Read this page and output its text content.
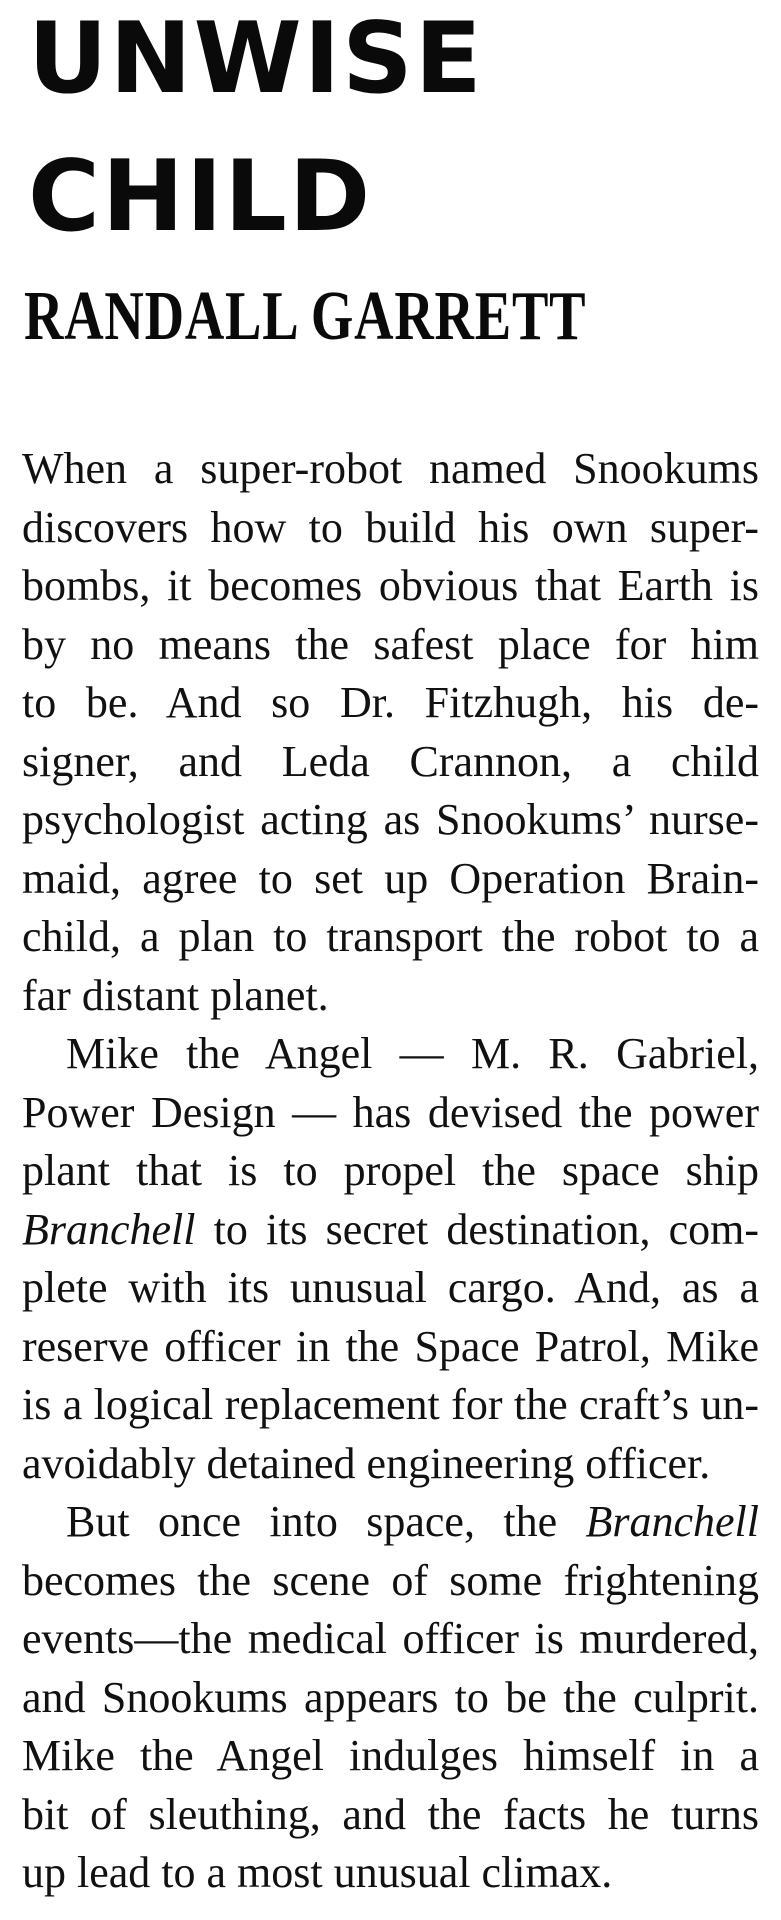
UNWISE
CHILD
RANDALL GARRETT
When a super-robot named Snookums
discovers how to build his own super-
bombs, it becomes obvious that Earth is
by no means the safest place for him
to be. And so Dr. Fitzhugh, his de-
signer, and Leda Crannon, a child
psychologist acting as Snookums’ nurse-
maid, agree to set up Operation Brain-
child, a plan to transport the robot to a
far distant planet.
Mike the Angel — M. R. Gabriel,
Power Design — has devised the power
plant that is to propel the space ship
Branchell to its secret destination, com-
plete with its unusual cargo. And, as a
reserve officer in the Space Patrol, Mike
is a logical replacement for the craft’s un-
avoidably detained engineering officer.
But once into space, the Branchell
becomes the scene of some frightening
events—the medical officer is murdered,
and Snookums appears to be the culprit.
Mike the Angel indulges himself in a
bit of sleuthing, and the facts he turns
up lead to a most unusual climax.
